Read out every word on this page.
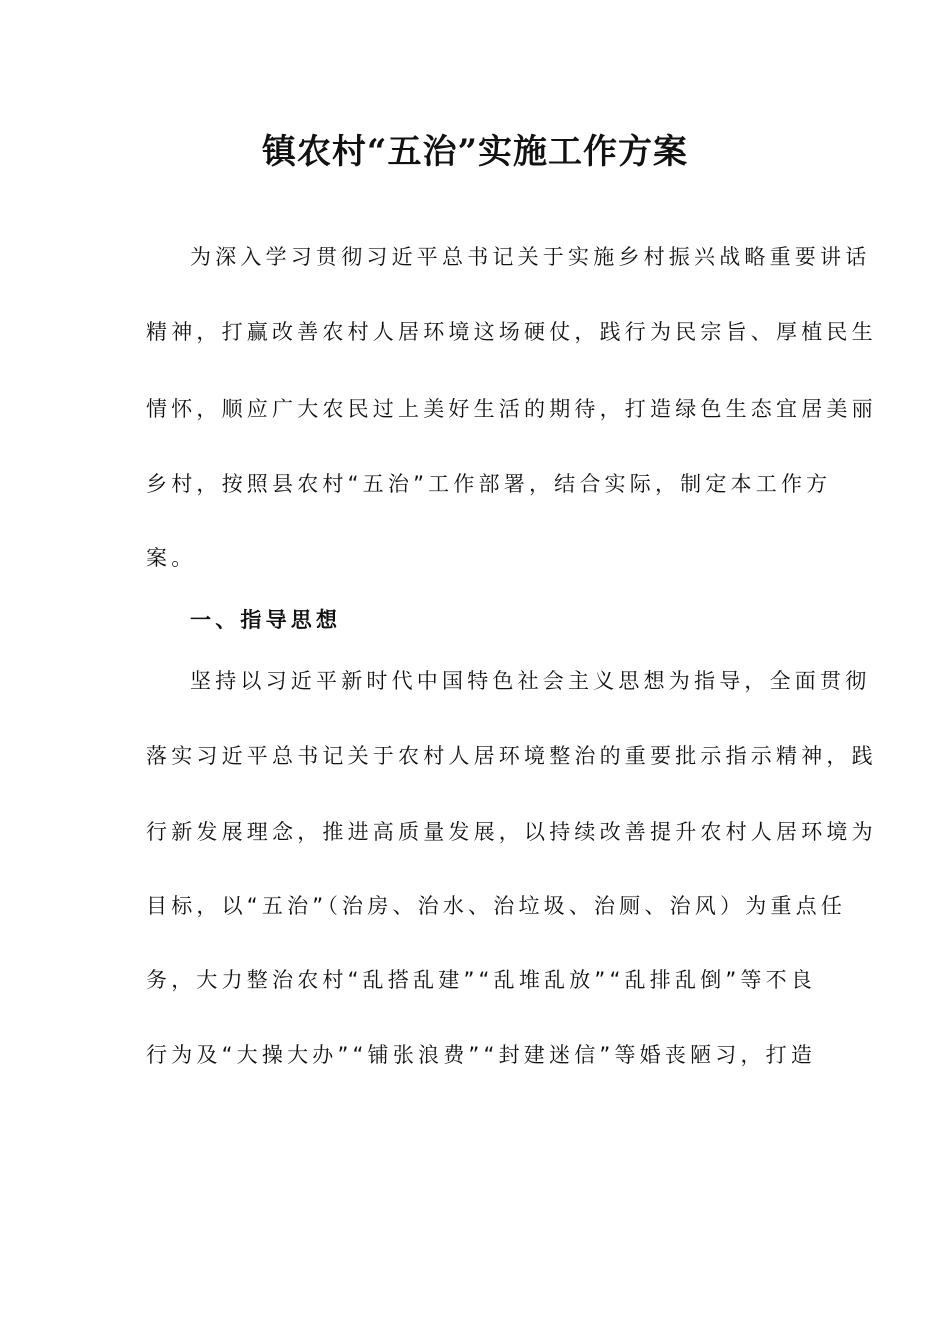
镇农村“五治”实施工作方案
为深入学习贯彻习近平总书记关于实施乡村振兴战略重要讲话
精神，打赢改善农村人居环境这场硬仗，践行为民宗旨、厚植民生
情怀，顺应广大农民过上美好生活的期待，打造绿色生态宜居美丽
乡村，按照县农村“五治”工作部署，结合实际，制定本工作方
案。
一、指导思想
坚持以习近平新时代中国特色社会主义思想为指导，全面贯彻
落实习近平总书记关于农村人居环境整治的重要批示指示精神，践
行新发展理念，推进高质量发展，以持续改善提升农村人居环境为
目标，以“五治”（治房、治水、治垃圾、治厕、治风）为重点任
务，大力整治农村“乱搭乱建”“乱堆乱放”“乱排乱倒”等不良
行为及“大操大办”“铺张浪费”“封建迷信”等婚丧陋习，打造
